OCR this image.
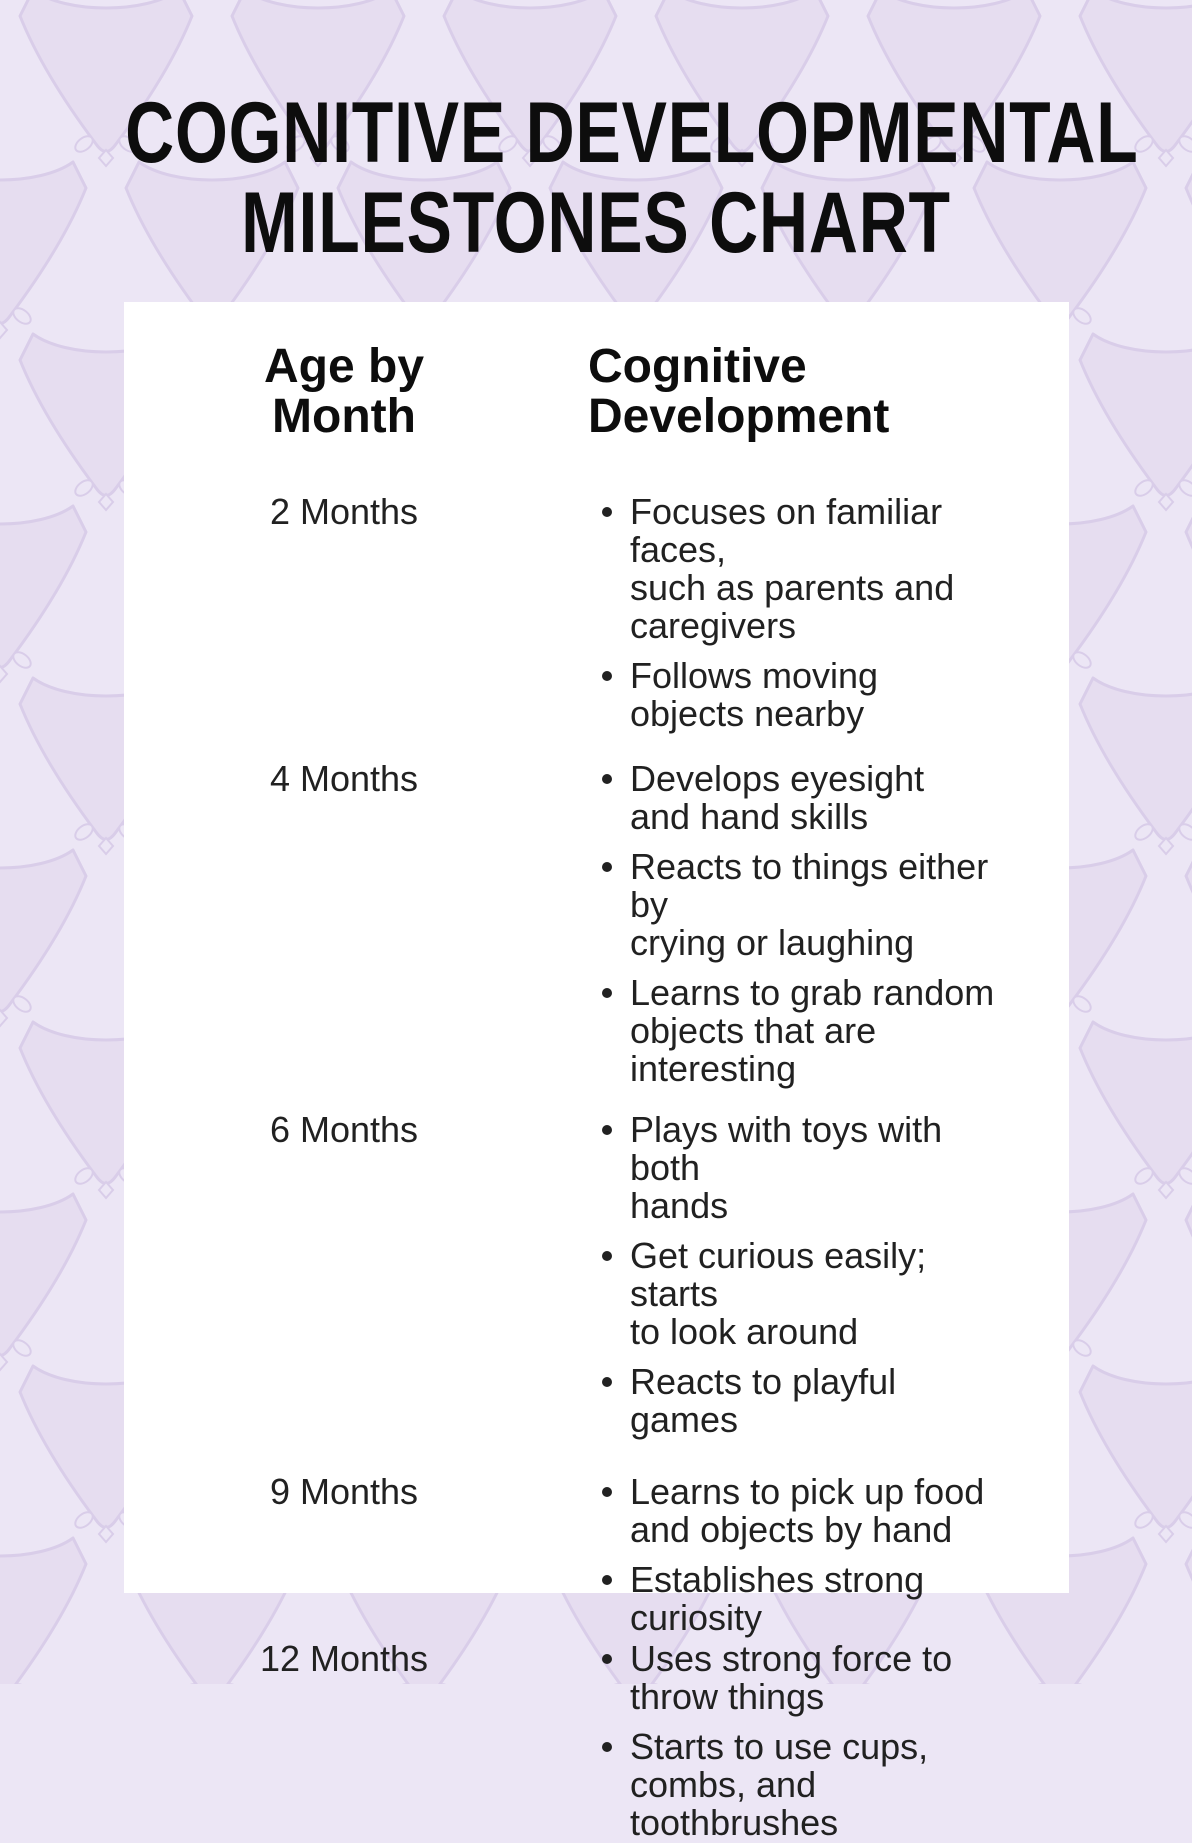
COGNITIVE DEVELOPMENTAL
MILESTONES CHART
Age by Month
Cognitive
Development
2 Months	Focuses on familiar faces,
such as parents and
caregivers
Follows moving
objects nearby
4 Months	Develops eyesight
and hand skills
Reacts to things either by
crying or laughing
Learns to grab random
objects that are interesting
6 Months	Plays with toys with both
hands
Get curious easily; starts
to look around
Reacts to playful games
9 Months	Learns to pick up food
and objects by hand
Establishes strong
curiosity
12 Months	Uses strong force to
throw things
Starts to use cups,
combs, and toothbrushes
